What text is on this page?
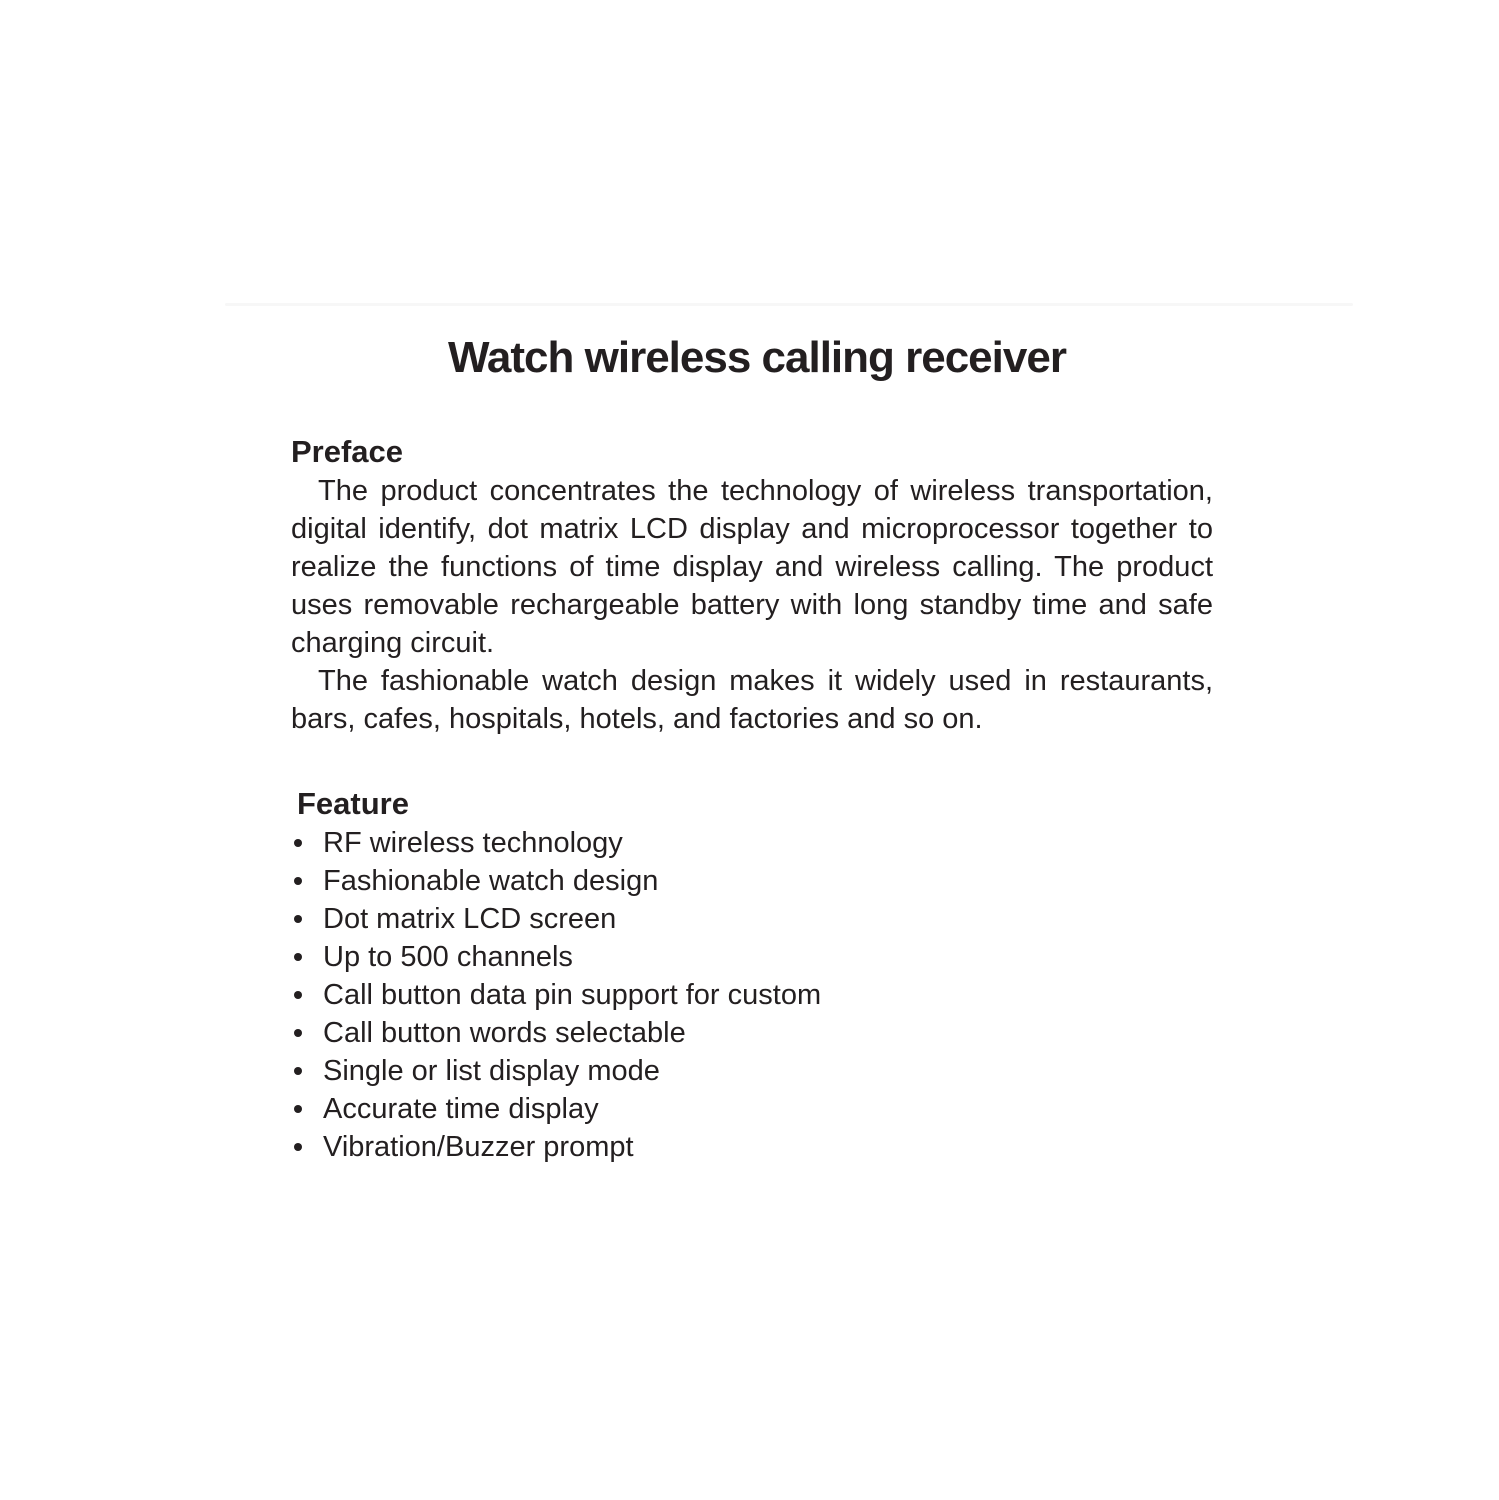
Watch wireless calling receiver
Preface

The product concentrates the technology of wireless transportation, digital identify, dot matrix LCD display and microprocessor together to realize the functions of time display and wireless calling. The product uses removable rechargeable battery with long standby time and safe charging circuit.

The fashionable watch design makes it widely used in restaurants, bars, cafes, hospitals, hotels, and factories and so on.

Feature
RF wireless technology
Fashionable watch design
Dot matrix LCD screen
Up to 500 channels
Call button data pin support for custom
Call button words selectable
Single or list display mode
Accurate time display
Vibration/Buzzer prompt
